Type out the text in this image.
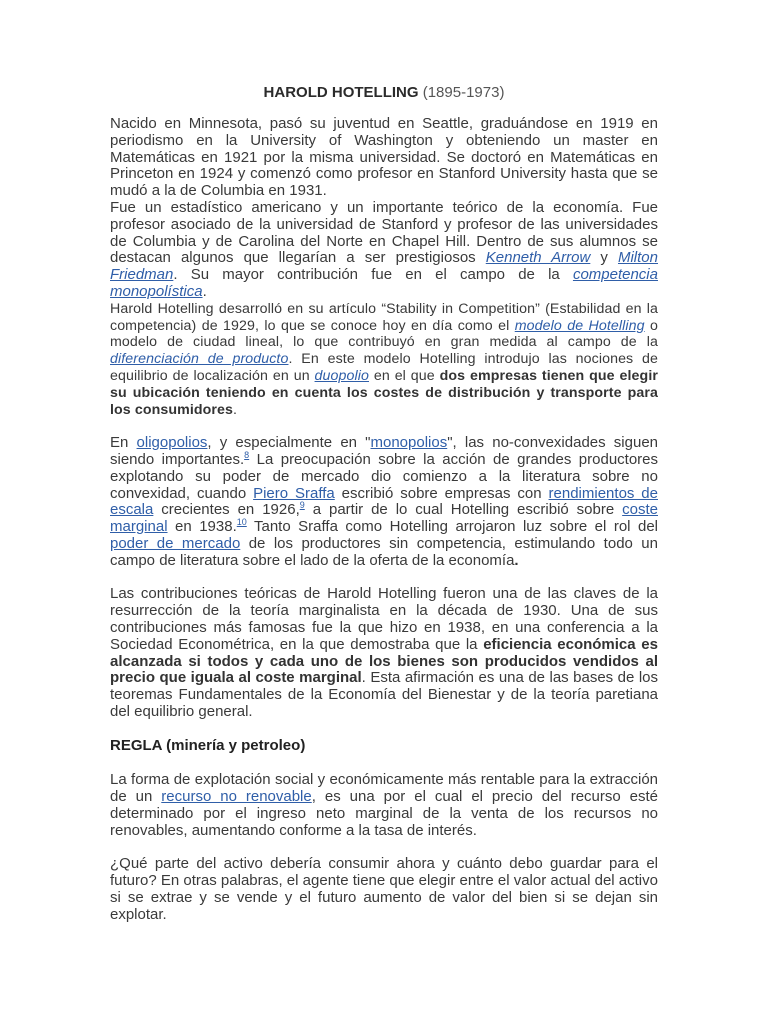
HAROLD HOTELLING (1895-1973)

Nacido en Minnesota, pasó su juventud en Seattle, graduándose en 1919 en periodismo en la University of Washington y obteniendo un master en Matemáticas en 1921 por la misma universidad. Se doctoró en Matemáticas en Princeton en 1924 y comenzó como profesor en Stanford University hasta que se mudó a la de Columbia en 1931.

Fue un estadístico americano y un importante teórico de la economía. Fue profesor asociado de la universidad de Stanford y profesor de las universidades de Columbia y de Carolina del Norte en Chapel Hill. Dentro de sus alumnos se destacan algunos que llegarían a ser prestigiosos Kenneth Arrow y Milton Friedman. Su mayor contribución fue en el campo de la competencia monopolística.

Harold Hotelling desarrolló en su artículo “Stability in Competition” (Estabilidad en la competencia) de 1929, lo que se conoce hoy en día como el modelo de Hotelling o modelo de ciudad lineal, lo que contribuyó en gran medida al campo de la diferenciación de producto. En este modelo Hotelling introdujo las nociones de equilibrio de localización en un duopolio en el que dos empresas tienen que elegir su ubicación teniendo en cuenta los costes de distribución y transporte para los consumidores.

En oligopolios, y especialmente en "monopolios", las no-convexidades siguen siendo importantes.$^8$ La preocupación sobre la acción de grandes productores explotando su poder de mercado dio comienzo a la literatura sobre no convexidad, cuando Piero Sraffa escribió sobre empresas con rendimientos de escala crecientes en 1926,$^9$ a partir de lo cual Hotelling escribió sobre coste marginal en 1938.10 Tanto Sraffa como Hotelling arrojaron luz sobre el rol del poder de mercado de los productores sin competencia, estimulando todo un campo de literatura sobre el lado de la oferta de la economía.

Las contribuciones teóricas de Harold Hotelling fueron una de las claves de la resurrección de la teoría marginalista en la década de 1930. Una de sus contribuciones más famosas fue la que hizo en 1938, en una conferencia a la Sociedad Econométrica, en la que demostraba que la eficiencia económica es alcanzada si todos y cada uno de los bienes son producidos vendidos al precio que iguala al coste marginal. Esta afirmación es una de las bases de los teoremas Fundamentales de la Economía del Bienestar y de la teoría paretiana del equilibrio general.

REGLA (minería y petroleo)

La forma de explotación social y económicamente más rentable para la extracción de un recurso no renovable, es una por el cual el precio del recurso esté determinado por el ingreso neto marginal de la venta de los recursos no renovables, aumentando conforme a la tasa de interés.

¿Qué parte del activo debería consumir ahora y cuánto debo guardar para el futuro? En otras palabras, el agente tiene que elegir entre el valor actual del activo si se extrae y se vende y el futuro aumento de valor del bien si se dejan sin explotar.
